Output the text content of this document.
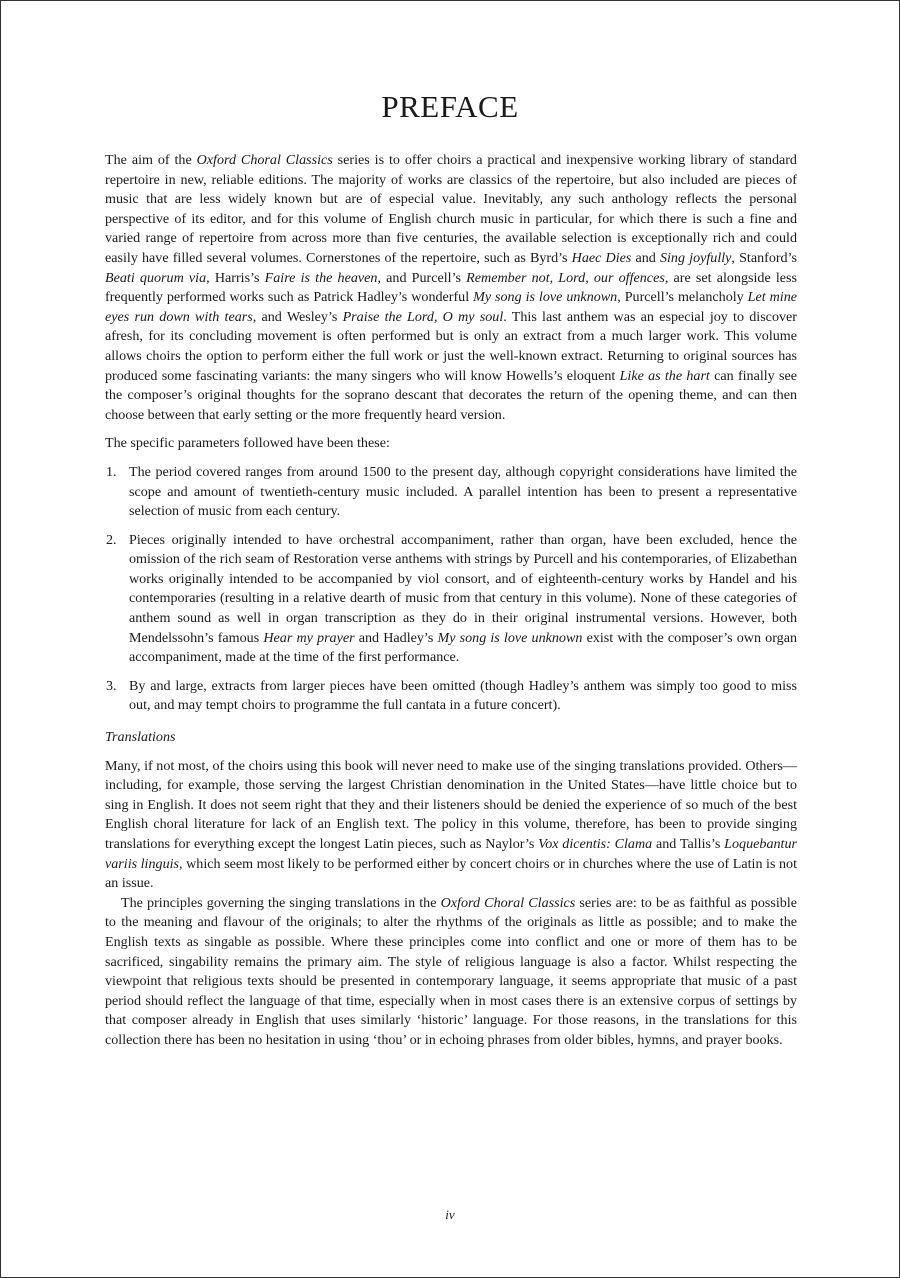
PREFACE

The aim of the Oxford Choral Classics series is to offer choirs a practical and inexpensive working library of standard repertoire in new, reliable editions. The majority of works are classics of the repertoire, but also included are pieces of music that are less widely known but are of especial value. Inevitably, any such anthology reflects the personal perspective of its editor, and for this volume of English church music in particular, for which there is such a fine and varied range of repertoire from across more than five centuries, the available selection is exceptionally rich and could easily have filled several volumes. Cornerstones of the repertoire, such as Byrd’s Haec Dies and Sing joyfully, Stanford’s Beati quorum via, Harris’s Faire is the heaven, and Purcell’s Remember not, Lord, our offences, are set alongside less frequently performed works such as Patrick Hadley’s wonderful My song is love unknown, Purcell’s melancholy Let mine eyes run down with tears, and Wesley’s Praise the Lord, O my soul. This last anthem was an especial joy to discover afresh, for its concluding movement is often performed but is only an extract from a much larger work. This volume allows choirs the option to perform either the full work or just the well-known extract. Returning to original sources has produced some fascinating variants: the many singers who will know Howells’s eloquent Like as the hart can finally see the composer’s original thoughts for the soprano descant that decorates the return of the opening theme, and can then choose between that early setting or the more frequently heard version.

The specific parameters followed have been these:

1. The period covered ranges from around 1500 to the present day, although copyright considerations have limited the scope and amount of twentieth-century music included. A parallel intention has been to present a representative selection of music from each century.
2. Pieces originally intended to have orchestral accompaniment, rather than organ, have been excluded, hence the omission of the rich seam of Restoration verse anthems with strings by Purcell and his contemporaries, of Elizabethan works originally intended to be accompanied by viol consort, and of eighteenth-century works by Handel and his contemporaries (resulting in a relative dearth of music from that century in this volume). None of these categories of anthem sound as well in organ transcription as they do in their original instrumental versions. However, both Mendelssohn’s famous Hear my prayer and Hadley’s My song is love unknown exist with the composer’s own organ accompaniment, made at the time of the first performance.
3. By and large, extracts from larger pieces have been omitted (though Hadley’s anthem was simply too good to miss out, and may tempt choirs to programme the full cantata in a future concert).

Translations

Many, if not most, of the choirs using this book will never need to make use of the singing translations provided. Others—including, for example, those serving the largest Christian denomination in the United States—have little choice but to sing in English. It does not seem right that they and their listeners should be denied the experience of so much of the best English choral literature for lack of an English text. The policy in this volume, therefore, has been to provide singing translations for everything except the longest Latin pieces, such as Naylor’s Vox dicentis: Clama and Tallis’s Loquebantur variis linguis, which seem most likely to be performed either by concert choirs or in churches where the use of Latin is not an issue.

The principles governing the singing translations in the Oxford Choral Classics series are: to be as faithful as possible to the meaning and flavour of the originals; to alter the rhythms of the originals as little as possible; and to make the English texts as singable as possible. Where these principles come into conflict and one or more of them has to be sacrificed, singability remains the primary aim. The style of religious language is also a factor. Whilst respecting the viewpoint that religious texts should be presented in contemporary language, it seems appropriate that music of a past period should reflect the language of that time, especially when in most cases there is an extensive corpus of settings by that composer already in English that uses similarly ‘historic’ language. For those reasons, in the translations for this collection there has been no hesitation in using ‘thou’ or in echoing phrases from older bibles, hymns, and prayer books.

iv
